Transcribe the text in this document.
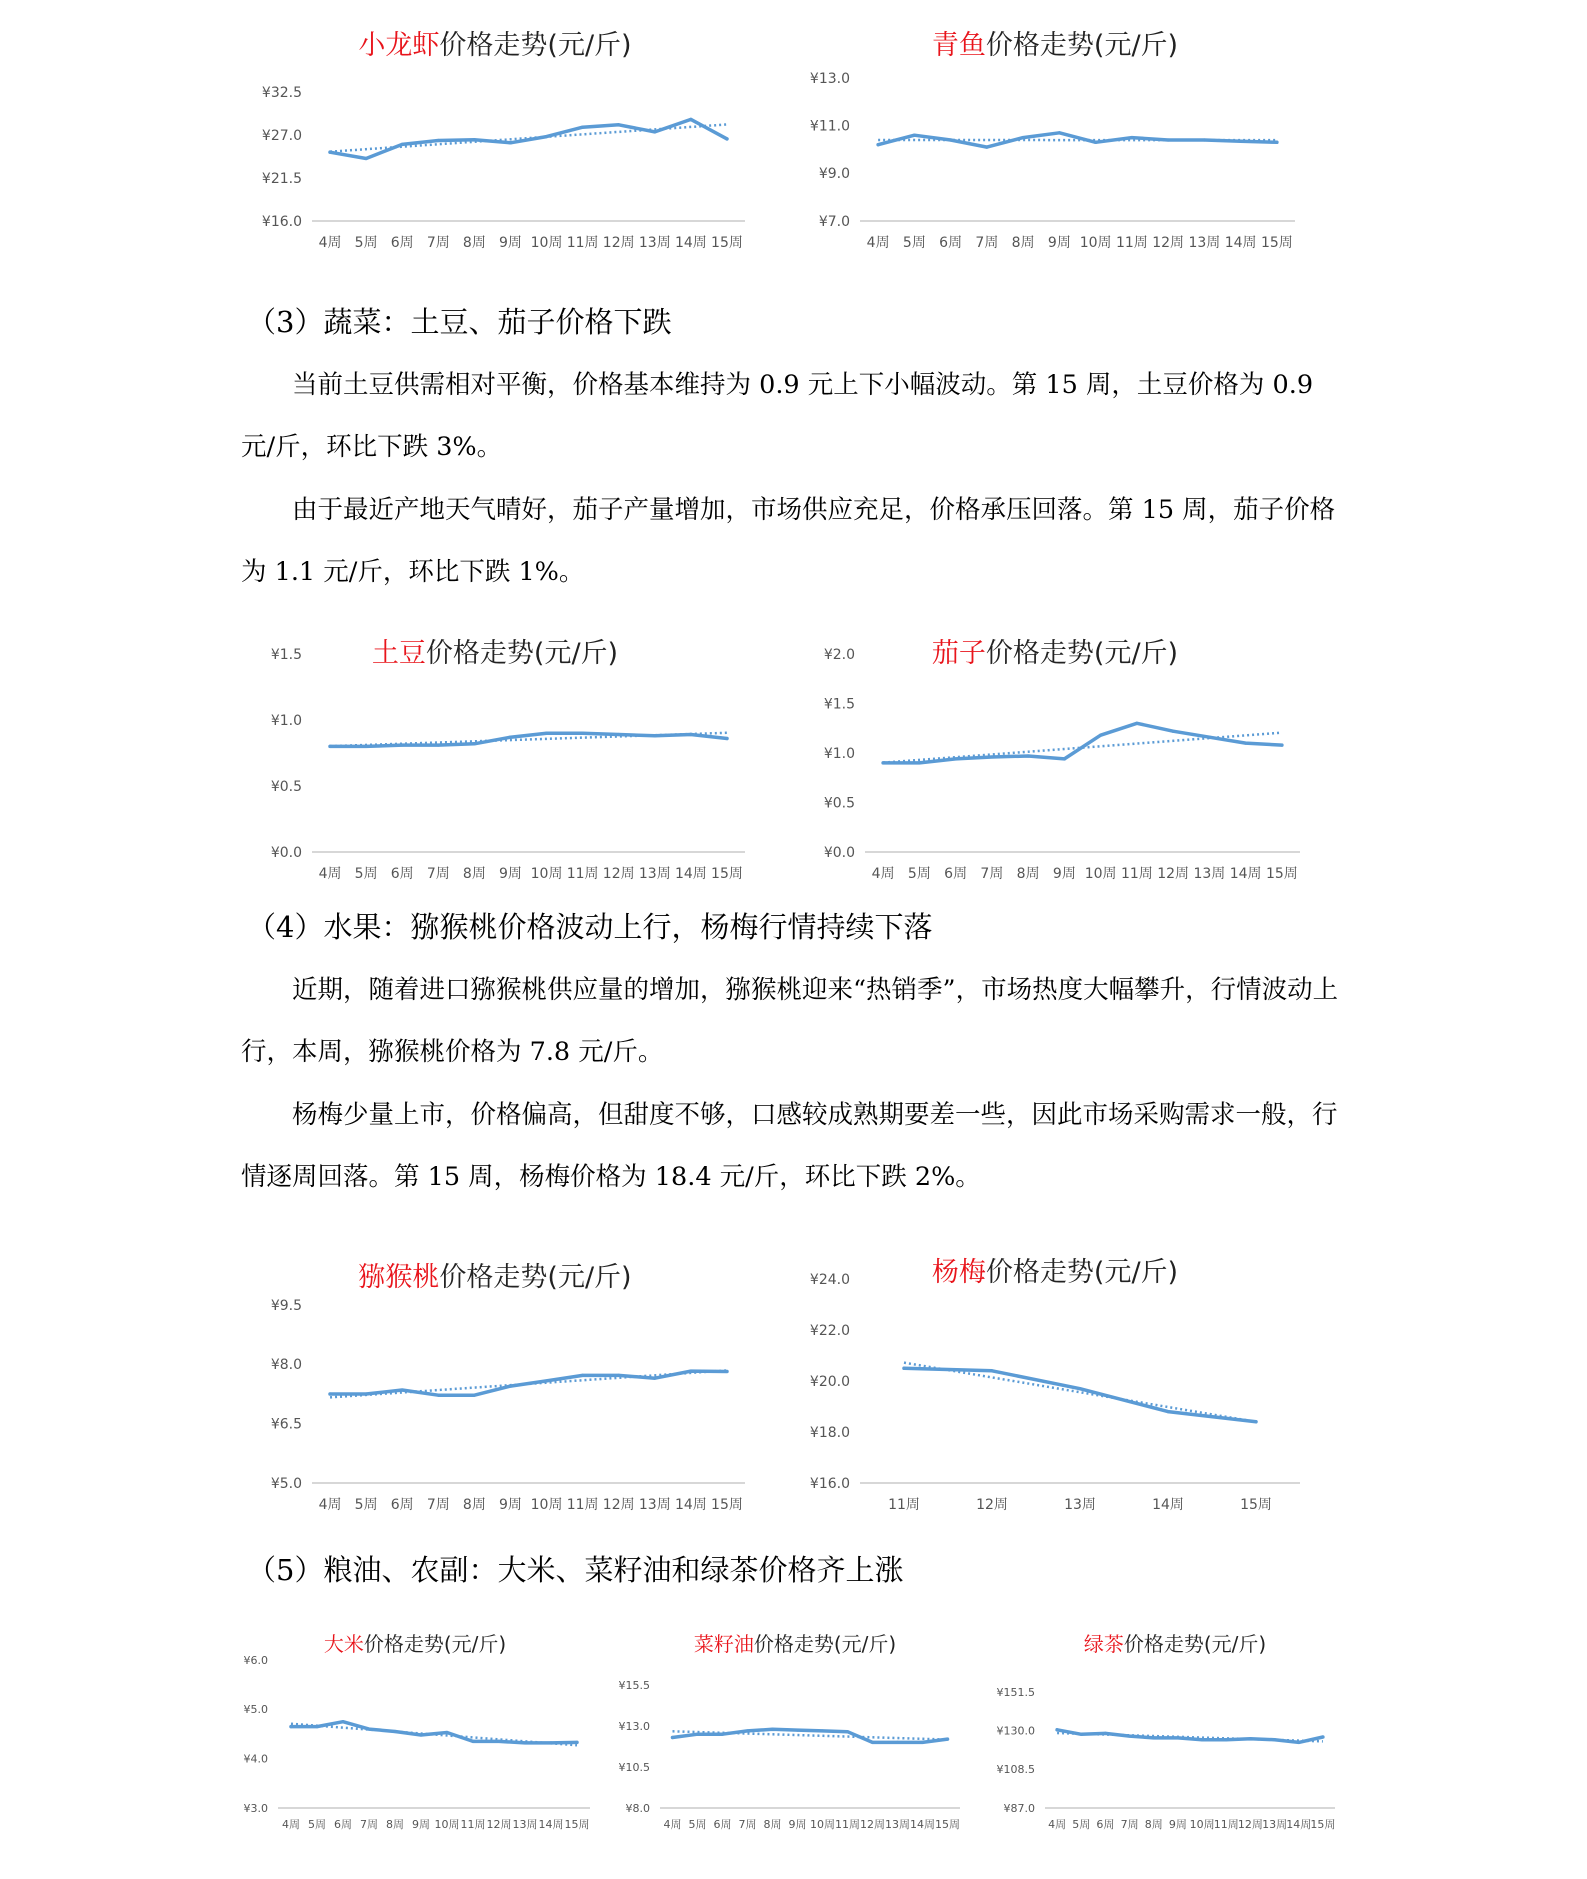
小龙虾价格走势(元/斤)
¥32.5
¥27.0
¥21.5
¥16.0
4周 5周 6周 7周 8周 9周 10周 11周 12周 13周 14周 15周
青鱼价格走势(元/斤)
¥13.0
¥11.0
¥9.0
¥7.0
4周 5周 6周 7周 8周 9周 10周 11周 12周 13周 14周 15周
（3）蔬菜：土豆、茄子价格下跌
当前土豆供需相对平衡，价格基本维持为 0.9 元上下小幅波动。第 15 周，土豆价格为 0.9 元/斤，环比下跌 3%。
由于最近产地天气晴好，茄子产量增加，市场供应充足，价格承压回落。第 15 周，茄子价格为 1.1 元/斤，环比下跌 1%。
土豆价格走势(元/斤)
¥1.5
¥1.0
¥0.5
¥0.0
4周 5周 6周 7周 8周 9周 10周 11周 12周 13周 14周 15周
茄子价格走势(元/斤)
¥2.0
¥1.5
¥1.0
¥0.5
¥0.0
4周 5周 6周 7周 8周 9周 10周 11周 12周 13周 14周 15周
（4）水果：猕猴桃价格波动上行，杨梅行情持续下落
近期，随着进口猕猴桃供应量的增加，猕猴桃迎来“热销季”，市场热度大幅攀升，行情波动上行，本周，猕猴桃价格为 7.8 元/斤。
杨梅少量上市，价格偏高，但甜度不够，口感较成熟期要差一些，因此市场采购需求一般，行情逐周回落。第 15 周，杨梅价格为 18.4 元/斤，环比下跌 2%。
猕猴桃价格走势(元/斤)
¥9.5
¥8.0
¥6.5
¥5.0
4周 5周 6周 7周 8周 9周 10周 11周 12周 13周 14周 15周
杨梅价格走势(元/斤)
¥24.0
¥22.0
¥20.0
¥18.0
¥16.0
11周	12周	13周	14周	15周
（5）粮油、农副：大米、菜籽油和绿茶价格齐上涨
大米价格走势(元/斤)
¥6.0
¥5.0
¥4.0
¥3.0
4周 5周 6周 7周 8周 9周 10周 11周 12周 13周 14周 15周
菜籽油价格走势(元/斤)
¥15.5
¥13.0
¥10.5
¥8.0
4周 5周 6周 7周 8周 9周 10周 11周 12周 13周 14周 15周
绿茶价格走势(元/斤)
¥151.5
¥130.0
¥108.5
¥87.0
4周 5周 6周 7周 8周 9周 10周 11周 12周 13周 14周 15周
